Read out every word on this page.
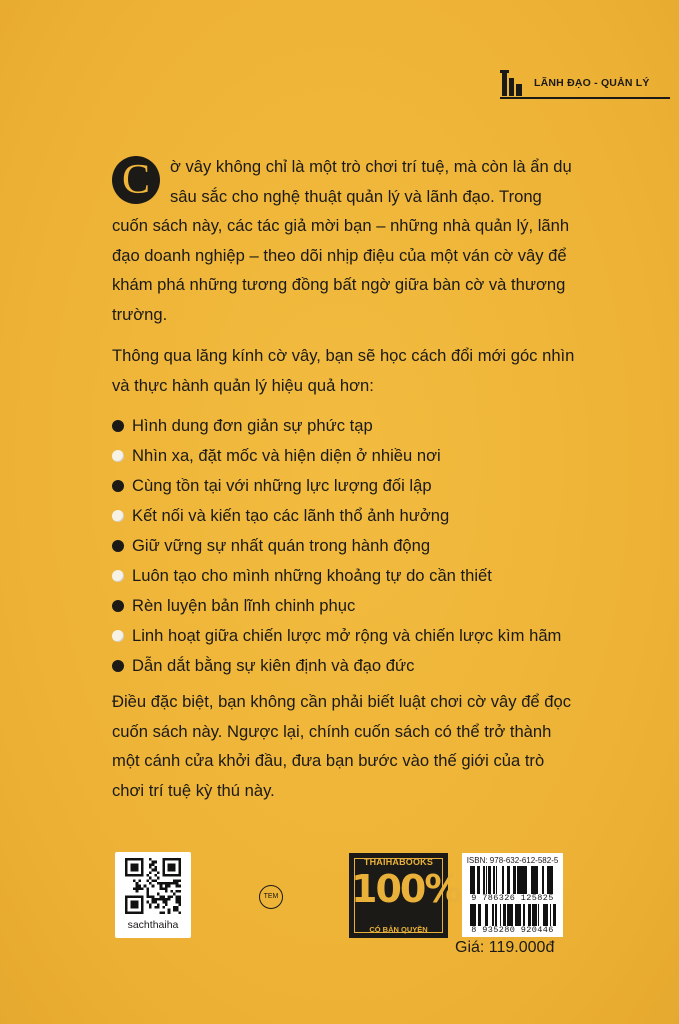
LÃNH ĐẠO - QUẢN LÝ

C	ờ vây không chỉ là một trò chơi trí tuệ, mà còn là ẩn dụ sâu sắc cho nghệ thuật quản lý và lãnh đạo. Trong cuốn sách này, các tác giả mời bạn – những nhà quản lý, lãnh đạo doanh nghiệp – theo dõi nhịp điệu của một ván cờ vây để khám phá những tương đồng bất ngờ giữa bàn cờ và thương trường.

Thông qua lăng kính cờ vây, bạn sẽ học cách đổi mới góc nhìn và thực hành quản lý hiệu quả hơn:

Hình dung đơn giản sự phức tạp
Nhìn xa, đặt mốc và hiện diện ở nhiều nơi
Cùng tồn tại với những lực lượng đối lập
Kết nối và kiến tạo các lãnh thổ ảnh hưởng
Giữ vững sự nhất quán trong hành động
Luôn tạo cho mình những khoảng tự do cần thiết
Rèn luyện bản lĩnh chinh phục
Linh hoạt giữa chiến lược mở rộng và chiến lược kìm hãm
Dẫn dắt bằng sự kiên định và đạo đức

Điều đặc biệt, bạn không cần phải biết luật chơi cờ vây để đọc cuốn sách này. Ngược lại, chính cuốn sách có thể trở thành một cánh cửa khởi đầu, đưa bạn bước vào thế giới của trò chơi trí tuệ kỳ thú này.

sachthaiha
TEM
THAIHABOOKS
100%
CÓ BẢN QUYỀN
ISBN: 978-632-612-582-5
9 786326 125825
8 935280 920446
Giá: 119.000đ
